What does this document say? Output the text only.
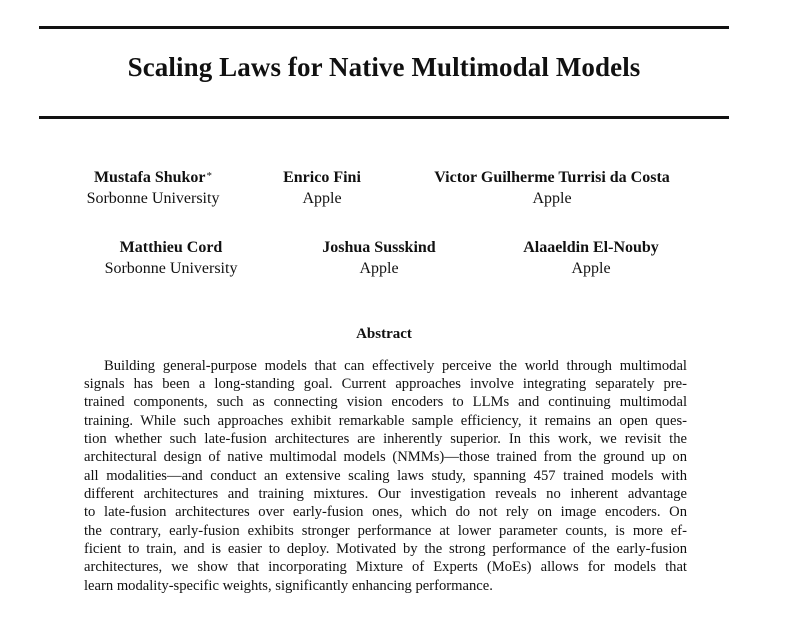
Scaling Laws for Native Multimodal Models
Mustafa Shukor*
Sorbonne University
Enrico Fini
Apple
Victor Guilherme Turrisi da Costa
Apple
Matthieu Cord
Sorbonne University
Joshua Susskind
Apple
Alaaeldin El-Nouby
Apple
Abstract
Building general-purpose models that can effectively perceive the world through multimodal
signals has been a long-standing goal. Current approaches involve integrating separately pre-
trained components, such as connecting vision encoders to LLMs and continuing multimodal
training. While such approaches exhibit remarkable sample efficiency, it remains an open ques-
tion whether such late-fusion architectures are inherently superior. In this work, we revisit the
architectural design of native multimodal models (NMMs)—those trained from the ground up on
all modalities—and conduct an extensive scaling laws study, spanning 457 trained models with
different architectures and training mixtures. Our investigation reveals no inherent advantage
to late-fusion architectures over early-fusion ones, which do not rely on image encoders. On
the contrary, early-fusion exhibits stronger performance at lower parameter counts, is more ef-
ficient to train, and is easier to deploy. Motivated by the strong performance of the early-fusion
architectures, we show that incorporating Mixture of Experts (MoEs) allows for models that
learn modality-specific weights, significantly enhancing performance.
